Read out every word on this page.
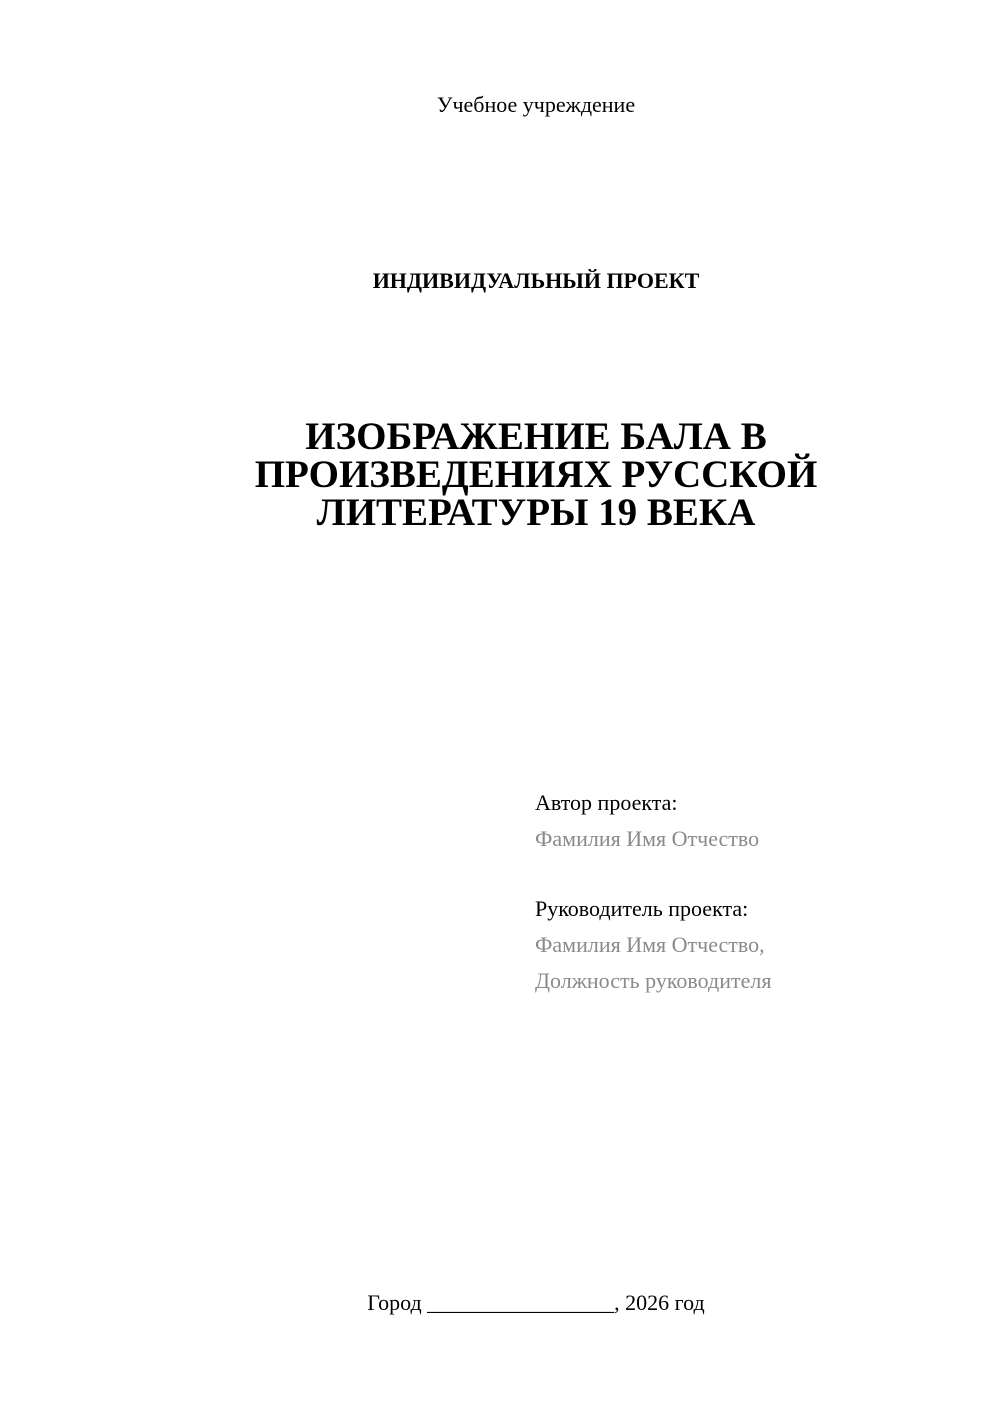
Учебное учреждение
ИНДИВИДУАЛЬНЫЙ ПРОЕКТ
ИЗОБРАЖЕНИЕ БАЛА В
ПРОИЗВЕДЕНИЯХ РУССКОЙ
ЛИТЕРАТУРЫ 19 ВЕКА
Автор проекта:
Фамилия Имя Отчество
Руководитель проекта:
Фамилия Имя Отчество,
Должность руководителя
Город _________________, 2026 год
